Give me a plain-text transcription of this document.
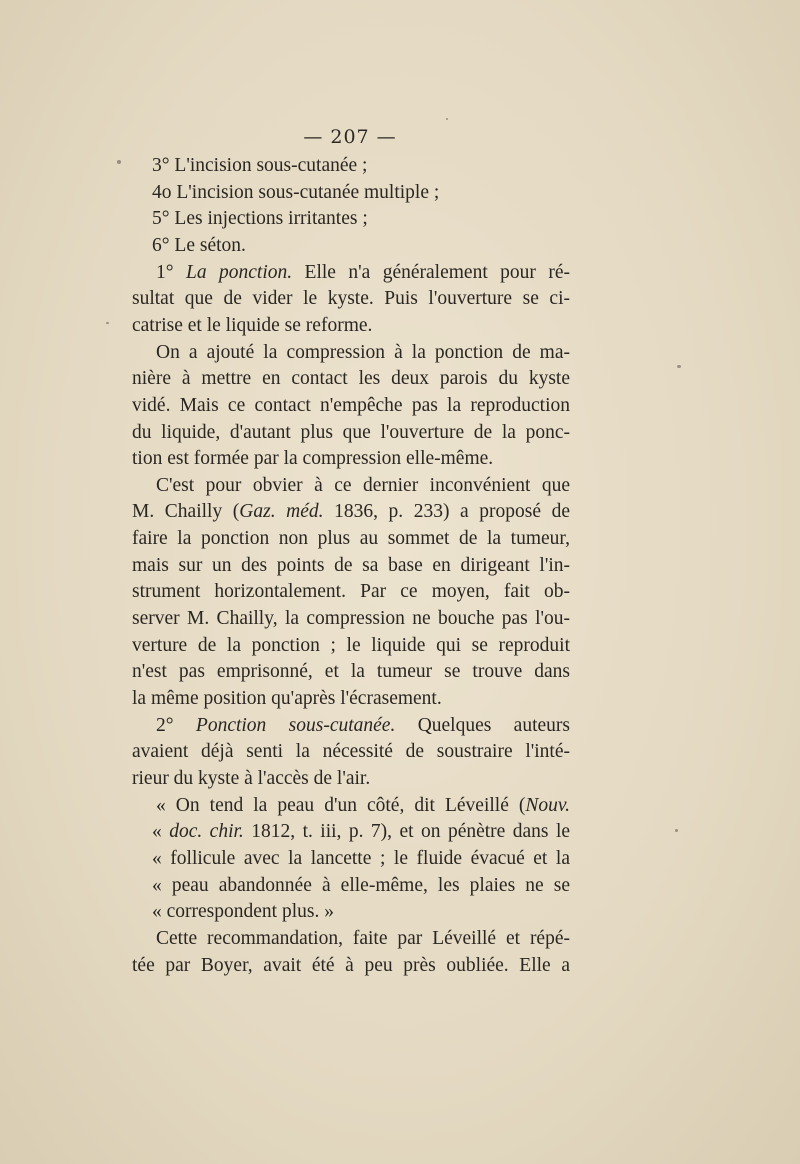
— 207 —
3° L'incision sous-cutanée ;
4o L'incision sous-cutanée multiple ;
5° Les injections irritantes ;
6° Le séton.
1° La ponction. Elle n'a généralement pour ré-
sultat que de vider le kyste. Puis l'ouverture se ci-
catrise et le liquide se reforme.
On a ajouté la compression à la ponction de ma-
nière à mettre en contact les deux parois du kyste
vidé. Mais ce contact n'empêche pas la reproduction
du liquide, d'autant plus que l'ouverture de la ponc-
tion est formée par la compression elle-même.
C'est pour obvier à ce dernier inconvénient que
M. Chailly (Gaz. méd. 1836, p. 233) a proposé de
faire la ponction non plus au sommet de la tumeur,
mais sur un des points de sa base en dirigeant l'in-
strument horizontalement. Par ce moyen, fait ob-
server M. Chailly, la compression ne bouche pas l'ou-
verture de la ponction ; le liquide qui se reproduit
n'est pas emprisonné, et la tumeur se trouve dans
la même position qu'après l'écrasement.
2° Ponction sous-cutanée. Quelques auteurs
avaient déjà senti la nécessité de soustraire l'inté-
rieur du kyste à l'accès de l'air.
« On tend la peau d'un côté, dit Léveillé (Nouv.
« doc. chir. 1812, t. iii, p. 7), et on pénètre dans le
« follicule avec la lancette ; le fluide évacué et la
« peau abandonnée à elle-même, les plaies ne se
« correspondent plus. »
Cette recommandation, faite par Léveillé et répé-
tée par Boyer, avait été à peu près oubliée. Elle a
